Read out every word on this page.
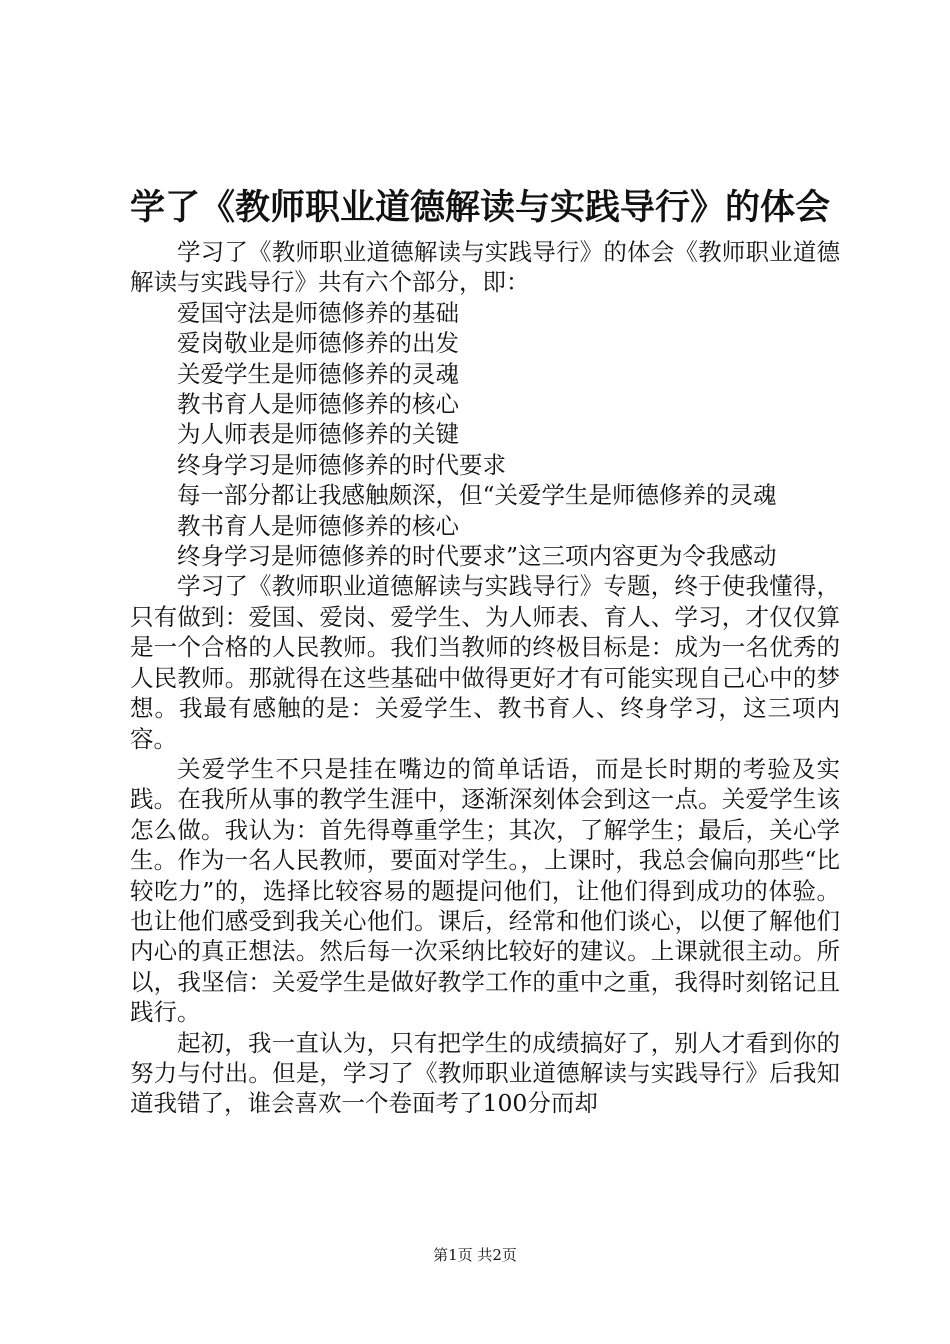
学了《教师职业道德解读与实践导行》的体会

学习了《教师职业道德解读与实践导行》的体会《教师职业道德解读与实践导行》共有六个部分，即：

爱国守法是师德修养的基础

爱岗敬业是师德修养的出发

关爱学生是师德修养的灵魂

教书育人是师德修养的核心

为人师表是师德修养的关键

终身学习是师德修养的时代要求

每一部分都让我感触颇深，但“关爱学生是师德修养的灵魂

教书育人是师德修养的核心

终身学习是师德修养的时代要求”这三项内容更为令我感动

学习了《教师职业道德解读与实践导行》专题，终于使我懂得，只有做到：爱国、爱岗、爱学生、为人师表、育人、学习，才仅仅算是一个合格的人民教师。我们当教师的终极目标是：成为一名优秀的人民教师。那就得在这些基础中做得更好才有可能实现自己心中的梦想。我最有感触的是：关爱学生、教书育人、终身学习，这三项内容。

关爱学生不只是挂在嘴边的简单话语，而是长时期的考验及实践。在我所从事的教学生涯中，逐渐深刻体会到这一点。关爱学生该怎么做。我认为：首先得尊重学生；其次，了解学生；最后，关心学生。作为一名人民教师，要面对学生。，上课时，我总会偏向那些“比较吃力”的，选择比较容易的题提问他们，让他们得到成功的体验。也让他们感受到我关心他们。课后，经常和他们谈心，以便了解他们内心的真正想法。然后每一次采纳比较好的建议。上课就很主动。所以，我坚信：关爱学生是做好教学工作的重中之重，我得时刻铭记且践行。

起初，我一直认为，只有把学生的成绩搞好了，别人才看到你的努力与付出。但是，学习了《教师职业道德解读与实践导行》后我知道我错了，谁会喜欢一个卷面考了100分而却

第1页 共2页
